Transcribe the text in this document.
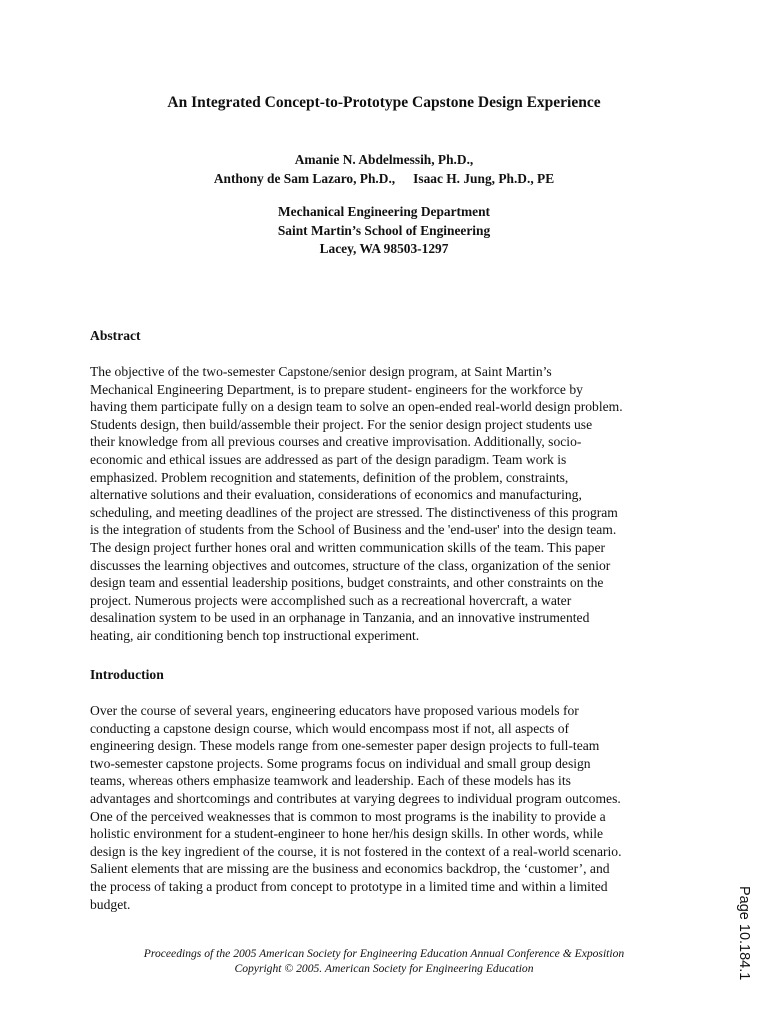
An Integrated Concept-to-Prototype Capstone Design Experience
Amanie N. Abdelmessih, Ph.D.,
Anthony de Sam Lazaro, Ph.D., Isaac H. Jung, Ph.D., PE
Mechanical Engineering Department
Saint Martin’s School of Engineering
Lacey, WA 98503-1297
Abstract
The objective of the two-semester Capstone/senior design program, at Saint Martin’s
Mechanical Engineering Department, is to prepare student- engineers for the workforce by
having them participate fully on a design team to solve an open-ended real-world design problem.
Students design, then build/assemble their project. For the senior design project students use
their knowledge from all previous courses and creative improvisation. Additionally, socio-
economic and ethical issues are addressed as part of the design paradigm. Team work is
emphasized. Problem recognition and statements, definition of the problem, constraints,
alternative solutions and their evaluation, considerations of economics and manufacturing,
scheduling, and meeting deadlines of the project are stressed. The distinctiveness of this program
is the integration of students from the School of Business and the 'end-user' into the design team.
The design project further hones oral and written communication skills of the team. This paper
discusses the learning objectives and outcomes, structure of the class, organization of the senior
design team and essential leadership positions, budget constraints, and other constraints on the
project. Numerous projects were accomplished such as a recreational hovercraft, a water
desalination system to be used in an orphanage in Tanzania, and an innovative instrumented
heating, air conditioning bench top instructional experiment.
Introduction
Over the course of several years, engineering educators have proposed various models for
conducting a capstone design course, which would encompass most if not, all aspects of
engineering design. These models range from one-semester paper design projects to full-team
two-semester capstone projects. Some programs focus on individual and small group design
teams, whereas others emphasize teamwork and leadership. Each of these models has its
advantages and shortcomings and contributes at varying degrees to individual program outcomes.
One of the perceived weaknesses that is common to most programs is the inability to provide a
holistic environment for a student-engineer to hone her/his design skills. In other words, while
design is the key ingredient of the course, it is not fostered in the context of a real-world scenario.
Salient elements that are missing are the business and economics backdrop, the ‘customer’, and
the process of taking a product from concept to prototype in a limited time and within a limited
budget.
Proceedings of the 2005 American Society for Engineering Education Annual Conference & Exposition
Copyright © 2005. American Society for Engineering Education	Page 10.184.1
